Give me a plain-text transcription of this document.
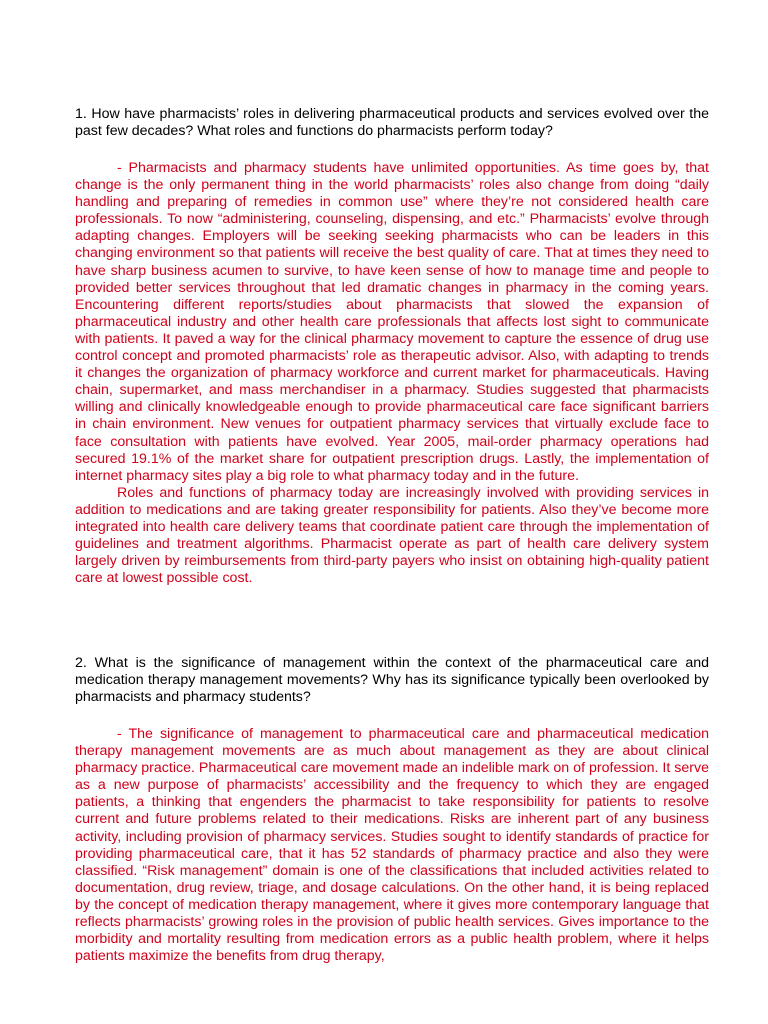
1. How have pharmacists’ roles in delivering pharmaceutical products and services evolved over the past few decades? What roles and functions do pharmacists perform today?

- Pharmacists and pharmacy students have unlimited opportunities. As time goes by, that change is the only permanent thing in the world pharmacists’ roles also change from doing “daily handling and preparing of remedies in common use” where they’re not considered health care professionals. To now “administering, counseling, dispensing, and etc.” Pharmacists’ evolve through adapting changes. Employers will be seeking seeking pharmacists who can be leaders in this changing environment so that patients will receive the best quality of care. That at times they need to have sharp business acumen to survive, to have keen sense of how to manage time and people to provided better services throughout that led dramatic changes in pharmacy in the coming years. Encountering different reports/studies about pharmacists that slowed the expansion of pharmaceutical industry and other health care professionals that affects lost sight to communicate with patients. It paved a way for the clinical pharmacy movement to capture the essence of drug use control concept and promoted pharmacists’ role as therapeutic advisor. Also, with adapting to trends it changes the organization of pharmacy workforce and current market for pharmaceuticals. Having chain, supermarket, and mass merchandiser in a pharmacy. Studies suggested that pharmacists willing and clinically knowledgeable enough to provide pharmaceutical care face significant barriers in chain environment. New venues for outpatient pharmacy services that virtually exclude face to face consultation with patients have evolved. Year 2005, mail-order pharmacy operations had secured 19.1% of the market share for outpatient prescription drugs. Lastly, the implementation of internet pharmacy sites play a big role to what pharmacy today and in the future.
Roles and functions of pharmacy today are increasingly involved with providing services in addition to medications and are taking greater responsibility for patients. Also they’ve become more integrated into health care delivery teams that coordinate patient care through the implementation of guidelines and treatment algorithms. Pharmacist operate as part of health care delivery system largely driven by reimbursements from third-party payers who insist on obtaining high-quality patient care at lowest possible cost.

2. What is the significance of management within the context of the pharmaceutical care and medication therapy management movements? Why has its significance typically been overlooked by pharmacists and pharmacy students?

- The significance of management to pharmaceutical care and pharmaceutical medication therapy management movements are as much about management as they are about clinical pharmacy practice. Pharmaceutical care movement made an indelible mark on of profession. It serve as a new purpose of pharmacists’ accessibility and the frequency to which they are engaged patients, a thinking that engenders the pharmacist to take responsibility for patients to resolve current and future problems related to their medications. Risks are inherent part of any business activity, including provision of pharmacy services. Studies sought to identify standards of practice for providing pharmaceutical care, that it has 52 standards of pharmacy practice and also they were classified. “Risk management” domain is one of the classifications that included activities related to documentation, drug review, triage, and dosage calculations. On the other hand, it is being replaced by the concept of medication therapy management, where it gives more contemporary language that reflects pharmacists’ growing roles in the provision of public health services. Gives importance to the morbidity and mortality resulting from medication errors as a public health problem, where it helps patients maximize the benefits from drug therapy,
